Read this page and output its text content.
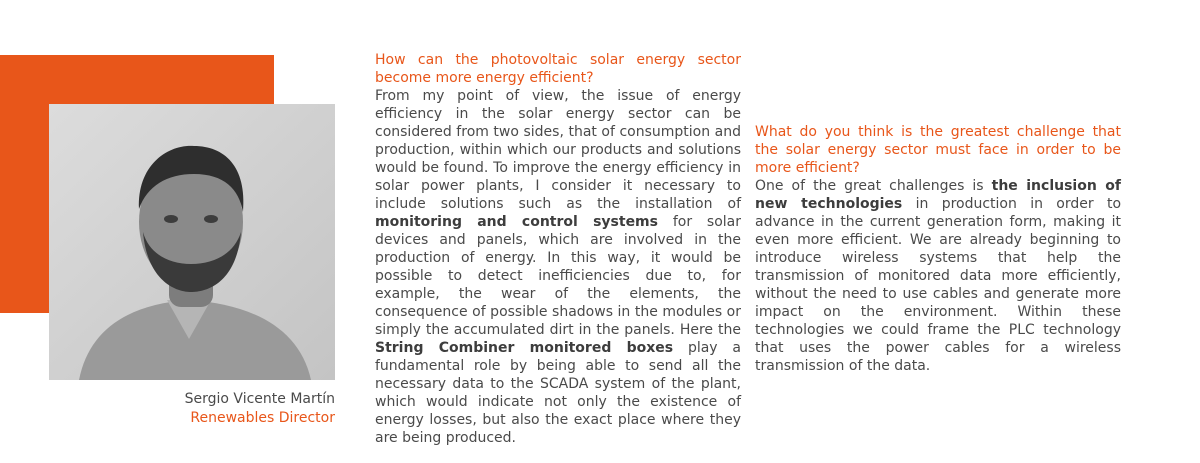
Sergio Vicente Martín
Renewables Director

How can the photovoltaic solar energy sector become more energy efficient?

From my point of view, the issue of energy efficiency in the solar energy sector can be considered from two sides, that of consumption and production, within which our products and solutions would be found. To improve the energy efficiency in solar power plants, I consider it necessary to include solutions such as the installation of monitoring and control systems for solar devices and panels, which are involved in the production of energy. In this way, it would be possible to detect inefficiencies due to, for example, the wear of the elements, the consequence of possible shadows in the modules or simply the accumulated dirt in the panels. Here the String Combiner monitored boxes play a fundamental role by being able to send all the necessary data to the SCADA system of the plant, which would indicate not only the existence of energy losses, but also the exact place where they are being produced.

What do you think is the greatest challenge that the solar energy sector must face in order to be more efficient?

One of the great challenges is the inclusion of new technologies in production in order to advance in the current generation form, making it even more efficient. We are already beginning to introduce wireless systems that help the transmission of monitored data more efficiently, without the need to use cables and generate more impact on the environment. Within these technologies we could frame the PLC technology that uses the power cables for a wireless transmission of the data.
